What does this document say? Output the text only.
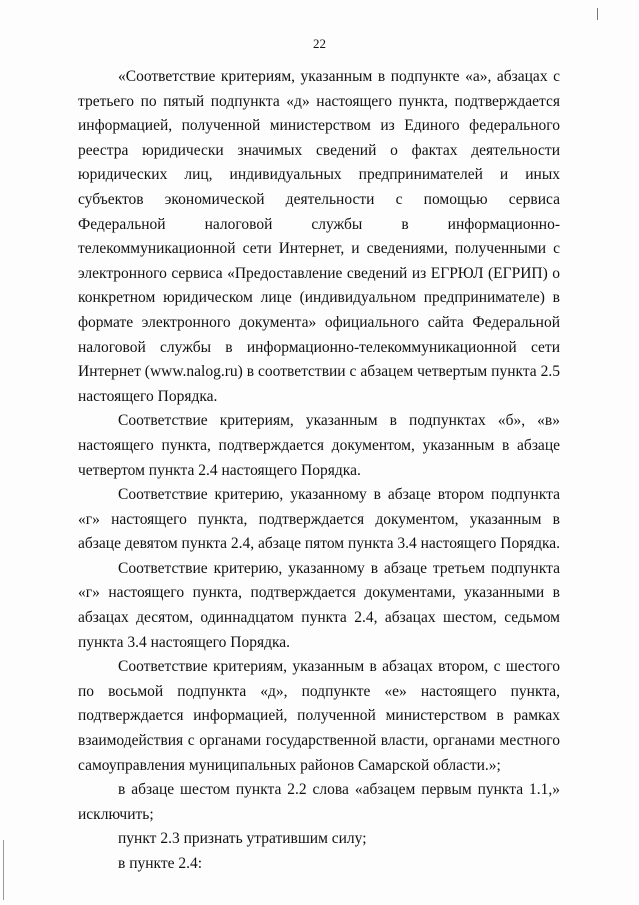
22

«Соответствие критериям, указанным в подпункте «а», абзацах с третьего по пятый подпункта «д» настоящего пункта, подтверждается информацией, полученной министерством из Единого федерального реестра юридически значимых сведений о фактах деятельности юридических лиц, индивидуальных предпринимателей и иных субъектов экономической деятельности с помощью сервиса Федеральной налоговой службы в информационно-телекоммуникационной сети Интернет, и сведениями, полученными с электронного сервиса «Предоставление сведений из ЕГРЮЛ (ЕГРИП) о конкретном юридическом лице (индивидуальном предпринимателе) в формате электронного документа» официального сайта Федеральной налоговой службы в информационно-телекоммуникационной сети Интернет (www.nalog.ru) в соответствии с абзацем четвертым пункта 2.5 настоящего Порядка.

Соответствие критериям, указанным в подпунктах «б», «в» настоящего пункта, подтверждается документом, указанным в абзаце четвертом пункта 2.4 настоящего Порядка.

Соответствие критерию, указанному в абзаце втором подпункта «г» настоящего пункта, подтверждается документом, указанным в абзаце девятом пункта 2.4, абзаце пятом пункта 3.4 настоящего Порядка.

Соответствие критерию, указанному в абзаце третьем подпункта «г» настоящего пункта, подтверждается документами, указанными в абзацах десятом, одиннадцатом пункта 2.4, абзацах шестом, седьмом пункта 3.4 настоящего Порядка.

Соответствие критериям, указанным в абзацах втором, с шестого по восьмой подпункта «д», подпункте «е» настоящего пункта, подтверждается информацией, полученной министерством в рамках взаимодействия с органами государственной власти, органами местного самоуправления муниципальных районов Самарской области.»;

в абзаце шестом пункта 2.2 слова «абзацем первым пункта 1.1,» исключить;

пункт 2.3 признать утратившим силу;

в пункте 2.4:
